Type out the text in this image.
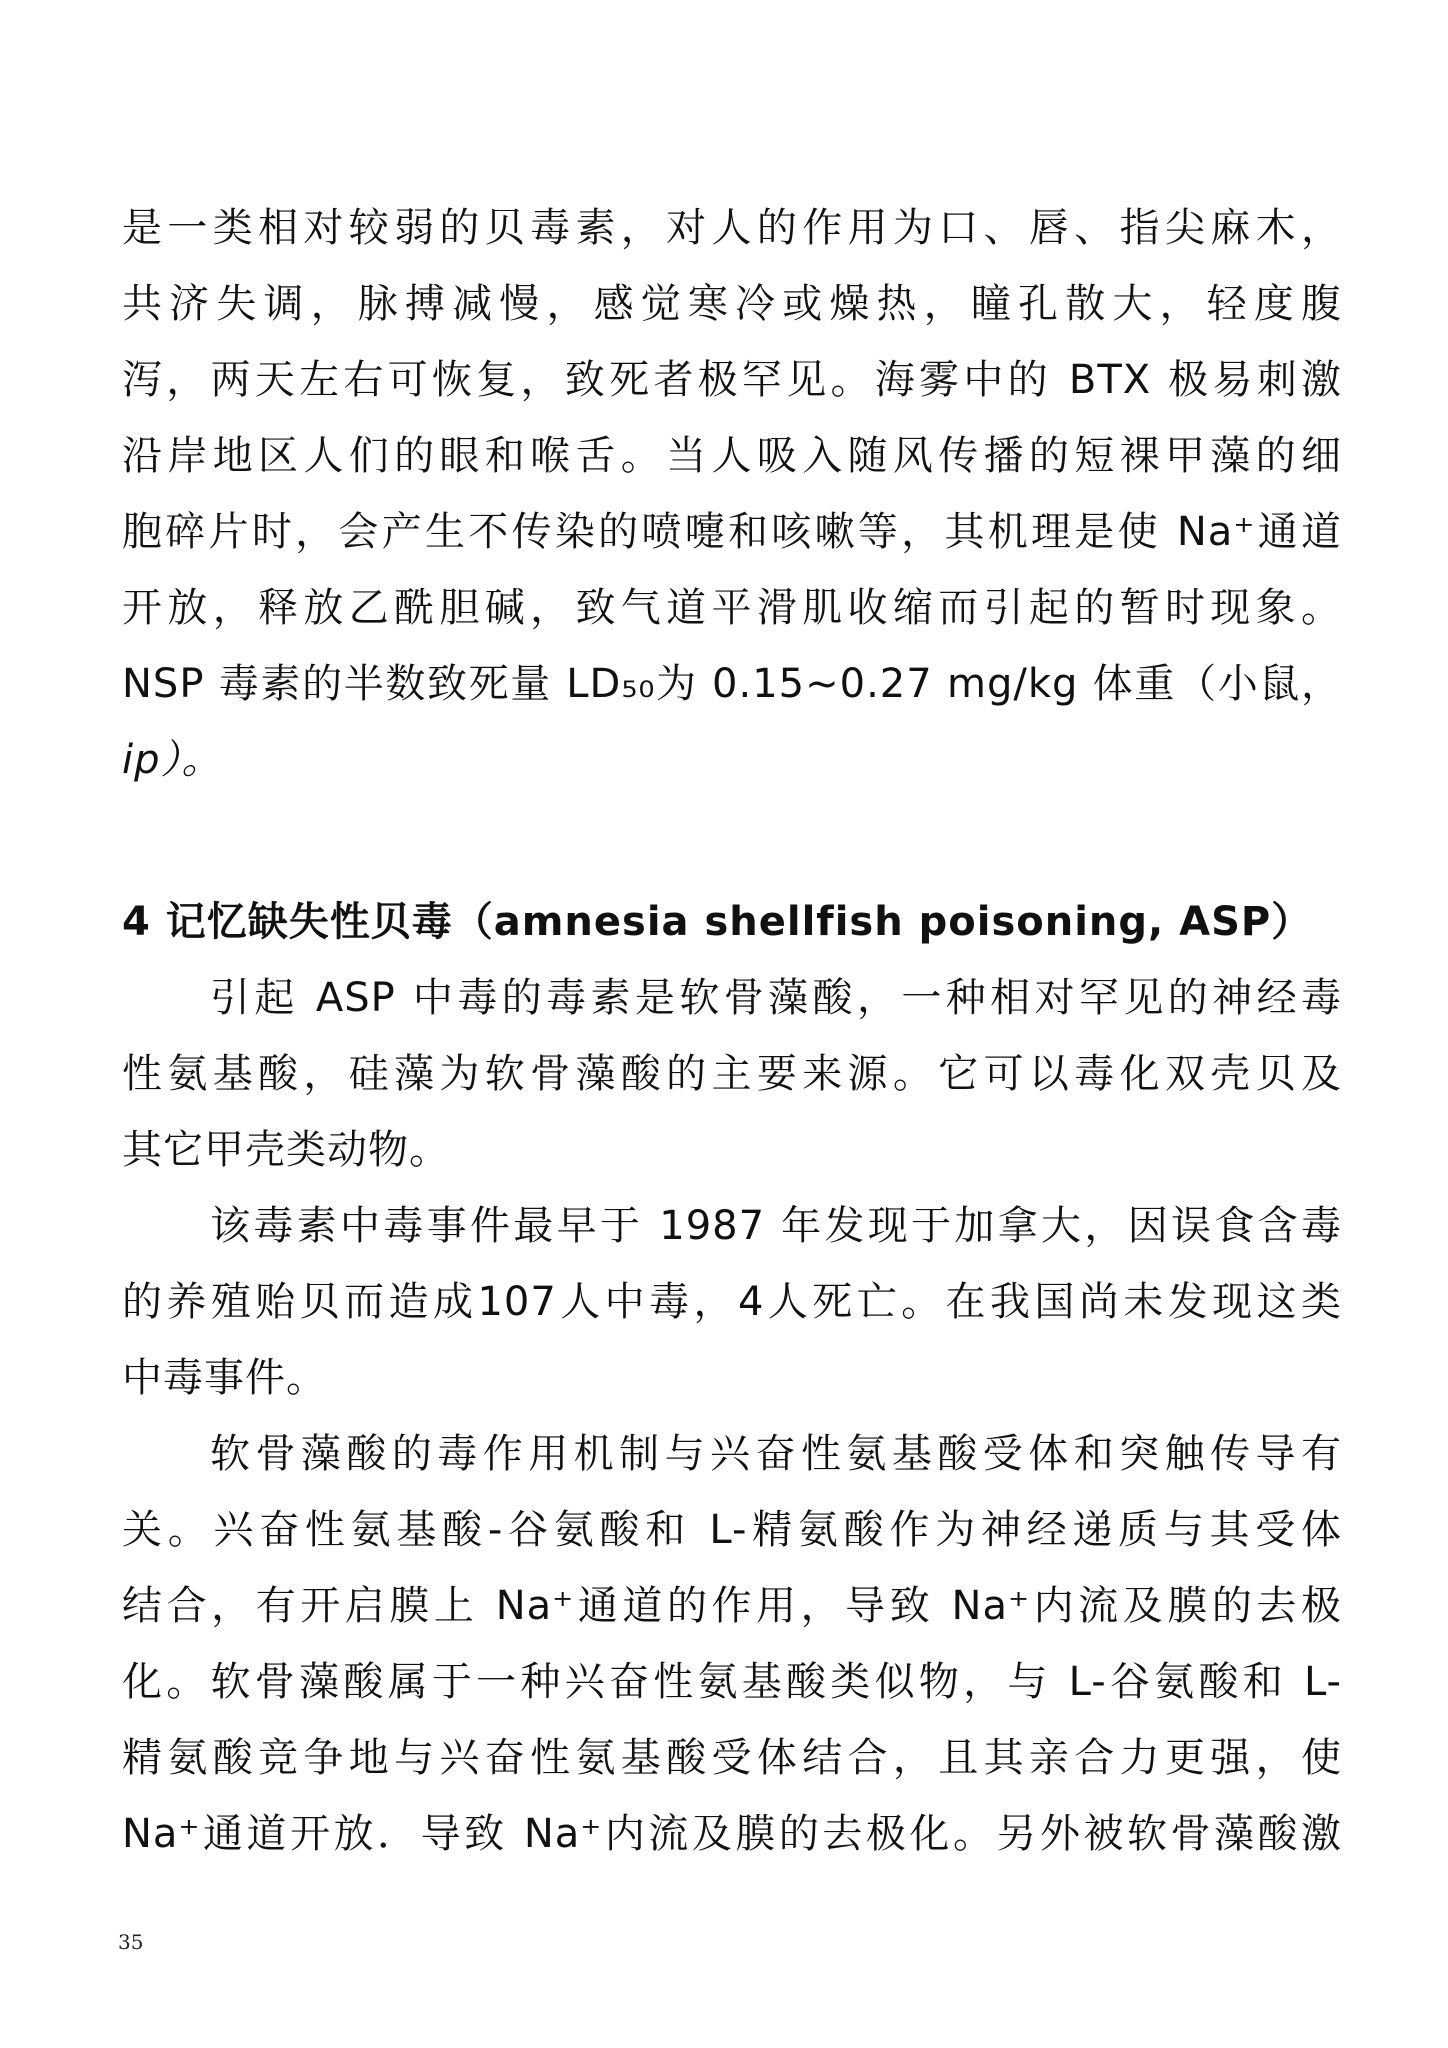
是一类相对较弱的贝毒素，对人的作用为口、唇、指尖麻木，
共济失调，脉搏减慢，感觉寒冷或燥热，瞳孔散大，轻度腹
泻，两天左右可恢复，致死者极罕见。海雾中的 BTX 极易刺激
沿岸地区人们的眼和喉舌。当人吸入随风传播的短裸甲藻的细
胞碎片时，会产生不传染的喷嚏和咳嗽等，其机理是使 Na⁺通道
开放，释放乙酰胆碱，致气道平滑肌收缩而引起的暂时现象。
NSP 毒素的半数致死量 LD₅₀为 0.15~0.27 mg/kg 体重（小鼠，
ip）。
4 记忆缺失性贝毒（amnesia shellfish poisoning, ASP）
引起 ASP 中毒的毒素是软骨藻酸，一种相对罕见的神经毒
性氨基酸，硅藻为软骨藻酸的主要来源。它可以毒化双壳贝及
其它甲壳类动物。
该毒素中毒事件最早于 1987 年发现于加拿大，因误食含毒
的养殖贻贝而造成107人中毒，4人死亡。在我国尚未发现这类
中毒事件。
软骨藻酸的毒作用机制与兴奋性氨基酸受体和突触传导有
关。兴奋性氨基酸-谷氨酸和 L-精氨酸作为神经递质与其受体
结合，有开启膜上 Na⁺通道的作用，导致 Na⁺内流及膜的去极
化。软骨藻酸属于一种兴奋性氨基酸类似物，与 L-谷氨酸和 L-
精氨酸竞争地与兴奋性氨基酸受体结合，且其亲合力更强，使
Na⁺通道开放．导致 Na⁺内流及膜的去极化。另外被软骨藻酸激
35
